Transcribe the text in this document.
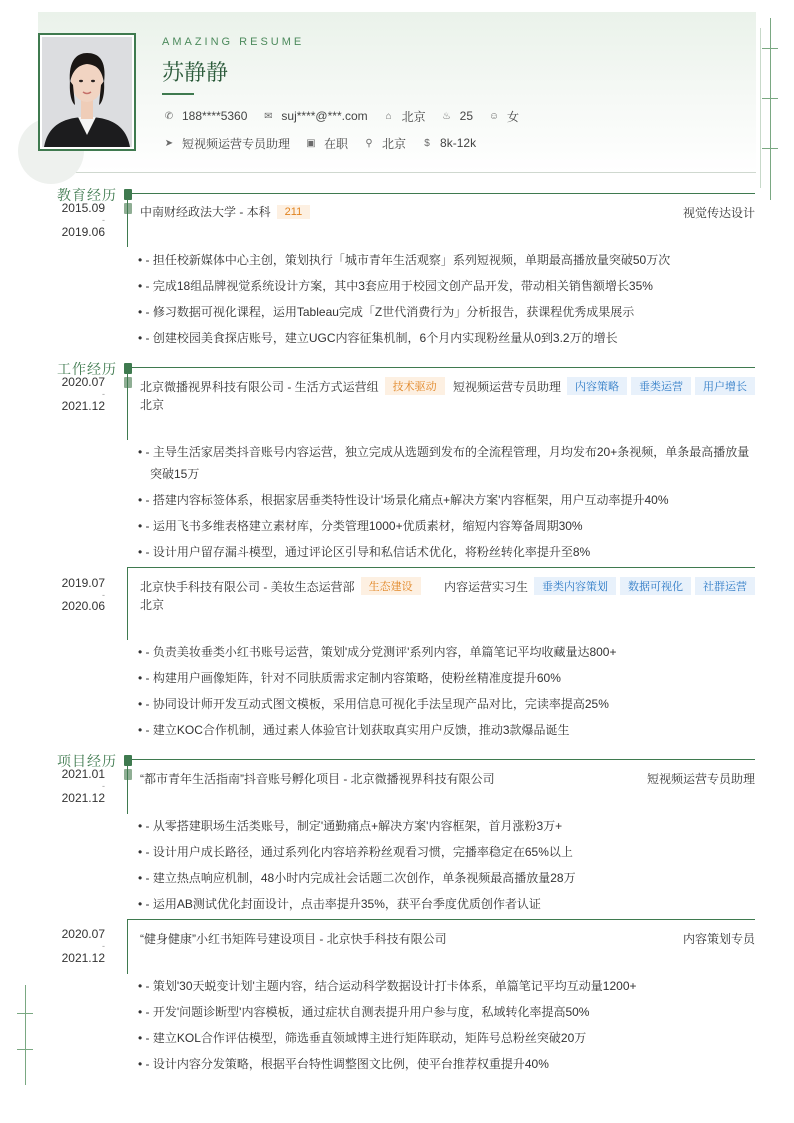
AMAZING RESUME
苏静静
✆ 188****5360 ✉ suj****@***.com	⌂ 北京 ♨ 25 ☺ 女
➤ 短视频运营专员助理 ▣ 在职	⚲ 北京	$ 8k-12k
教育经历
2015.09
-
2019.06
中南财经政法大学 - 本科	211	视觉传达设计
• - 担任校新媒体中心主创，策划执行「城市青年生活观察」系列短视频，单期最高播放量突破50万次
• - 完成18组品牌视觉系统设计方案，其中3套应用于校园文创产品开发，带动相关销售额增长35%
• - 修习数据可视化课程，运用Tableau完成「Z世代消费行为」分析报告，获课程优秀成果展示
• - 创建校园美食探店账号，建立UGC内容征集机制，6个月内实现粉丝量从0到3.2万的增长
工作经历
2020.07
-
2021.12
北京微播视界科技有限公司 - 生活方式运营组	技术驱动	短视频运营专员助理	内容策略	垂类运营	用户增长
北京
• - 主导生活家居类抖音账号内容运营，独立完成从选题到发布的全流程管理，月均发布20+条视频，单条最高播放量
突破15万
• - 搭建内容标签体系，根据家居垂类特性设计'场景化痛点+解决方案'内容框架，用户互动率提升40%
• - 运用飞书多维表格建立素材库，分类管理1000+优质素材，缩短内容筹备周期30%
• - 设计用户留存漏斗模型，通过评论区引导和私信话术优化，将粉丝转化率提升至8%
2019.07
-
2020.06
北京快手科技有限公司 - 美妆生态运营部	生态建设	内容运营实习生	垂类内容策划	数据可视化	社群运营
北京
• - 负责美妆垂类小红书账号运营，策划'成分党测评'系列内容，单篇笔记平均收藏量达800+
• - 构建用户画像矩阵，针对不同肤质需求定制内容策略，使粉丝精准度提升60%
• - 协同设计师开发互动式图文模板，采用信息可视化手法呈现产品对比，完读率提高25%
• - 建立KOC合作机制，通过素人体验官计划获取真实用户反馈，推动3款爆品诞生
项目经历
2021.01
-
2021.12
“都市青年生活指南”抖音账号孵化项目 - 北京微播视界科技有限公司	短视频运营专员助理
• - 从零搭建职场生活类账号，制定'通勤痛点+解决方案'内容框架，首月涨粉3万+
• - 设计用户成长路径，通过系列化内容培养粉丝观看习惯，完播率稳定在65%以上
• - 建立热点响应机制，48小时内完成社会话题二次创作，单条视频最高播放量28万
• - 运用AB测试优化封面设计，点击率提升35%，获平台季度优质创作者认证
2020.07
-
2021.12
“健身健康”小红书矩阵号建设项目 - 北京快手科技有限公司	内容策划专员
• - 策划'30天蜕变计划'主题内容，结合运动科学数据设计打卡体系，单篇笔记平均互动量1200+
• - 开发'问题诊断型'内容模板，通过症状自测表提升用户参与度，私域转化率提高50%
• - 建立KOL合作评估模型，筛选垂直领域博主进行矩阵联动，矩阵号总粉丝突破20万
• - 设计内容分发策略，根据平台特性调整图文比例，使平台推荐权重提升40%
